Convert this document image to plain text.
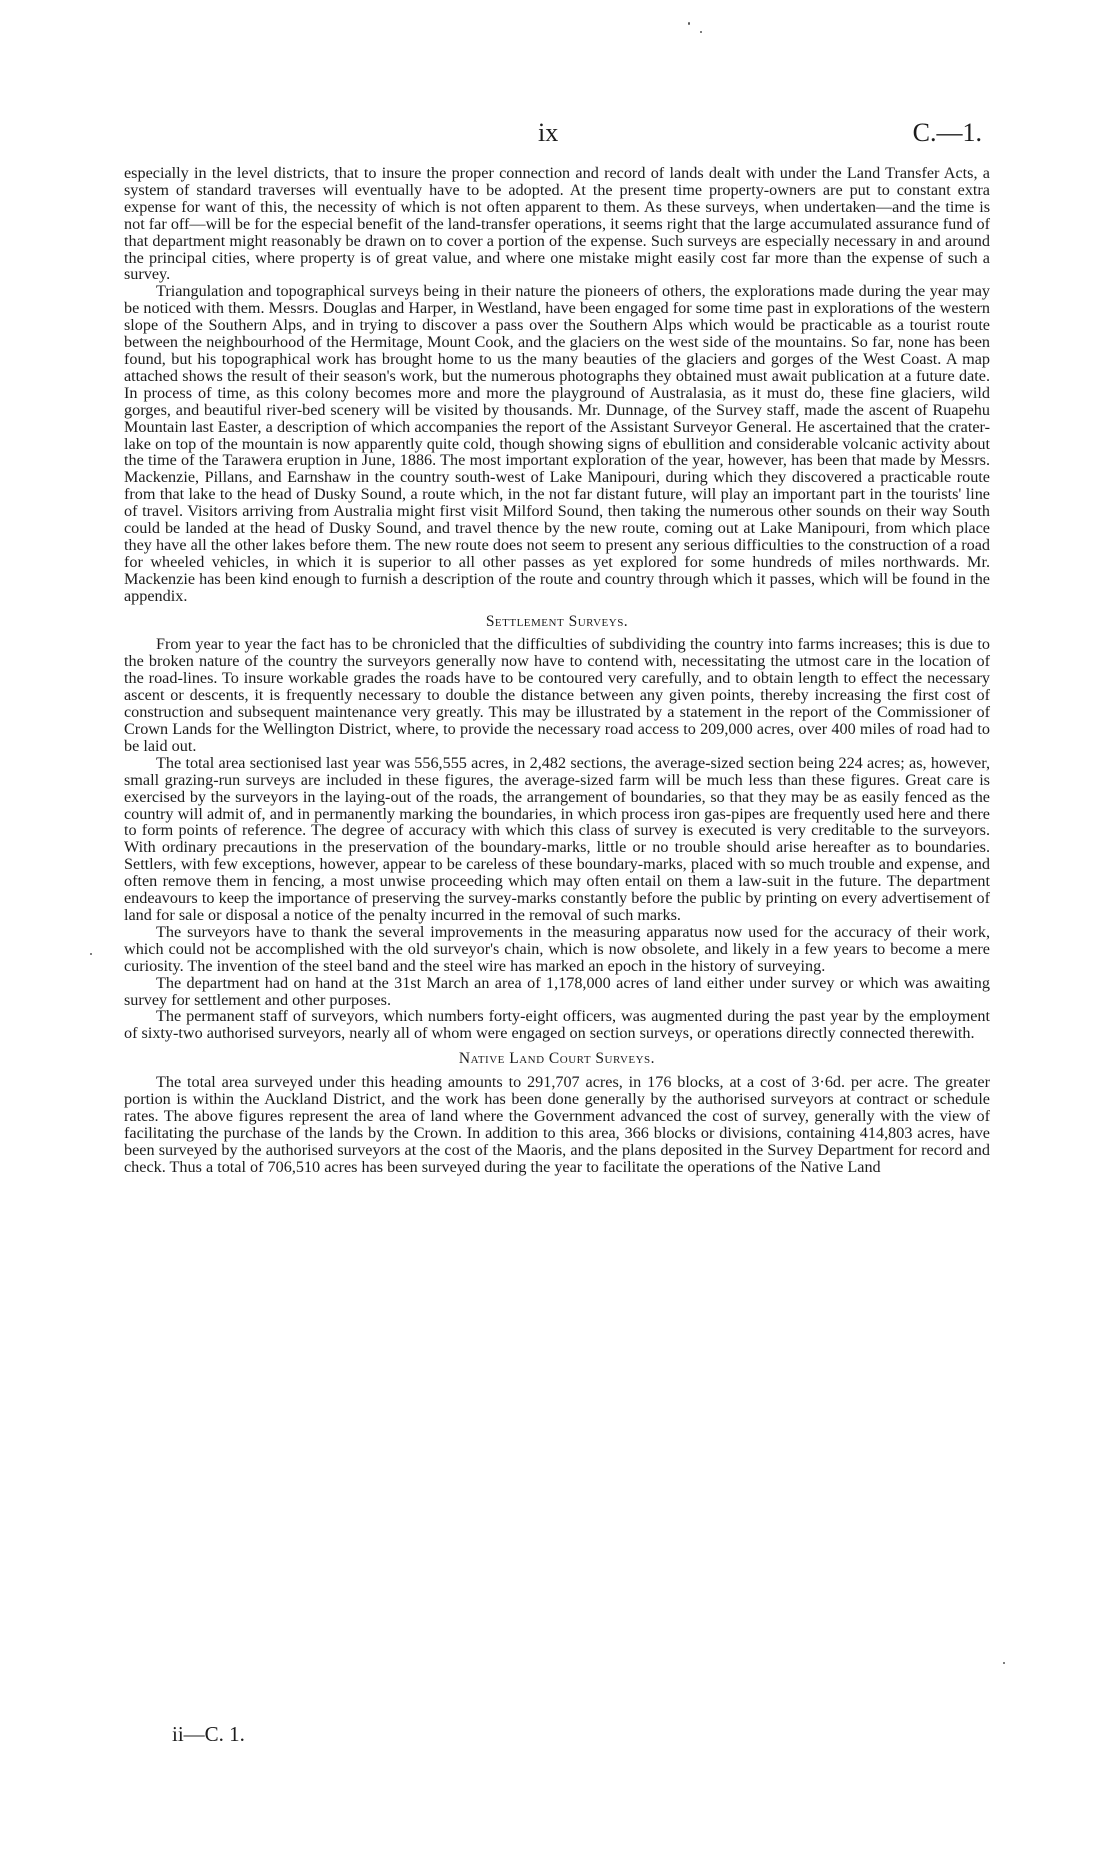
ix	C.—1.

especially in the level districts, that to insure the proper connection and record of lands dealt with under the Land Transfer Acts, a system of standard traverses will eventually have to be adopted. At the present time property-owners are put to constant extra expense for want of this, the necessity of which is not often apparent to them. As these surveys, when undertaken—and the time is not far off—will be for the especial benefit of the land-transfer operations, it seems right that the large accumulated assurance fund of that department might reasonably be drawn on to cover a portion of the expense. Such surveys are especially necessary in and around the principal cities, where property is of great value, and where one mistake might easily cost far more than the expense of such a survey.

Triangulation and topographical surveys being in their nature the pioneers of others, the explorations made during the year may be noticed with them. Messrs. Douglas and Harper, in Westland, have been engaged for some time past in explorations of the western slope of the Southern Alps, and in trying to discover a pass over the Southern Alps which would be practicable as a tourist route between the neighbourhood of the Hermitage, Mount Cook, and the glaciers on the west side of the mountains. So far, none has been found, but his topographical work has brought home to us the many beauties of the glaciers and gorges of the West Coast. A map attached shows the result of their season's work, but the numerous photographs they obtained must await publication at a future date. In process of time, as this colony becomes more and more the playground of Australasia, as it must do, these fine glaciers, wild gorges, and beautiful river-bed scenery will be visited by thousands. Mr. Dunnage, of the Survey staff, made the ascent of Ruapehu Mountain last Easter, a description of which accompanies the report of the Assistant Surveyor General. He ascertained that the crater-lake on top of the mountain is now apparently quite cold, though showing signs of ebullition and considerable volcanic activity about the time of the Tarawera eruption in June, 1886. The most important exploration of the year, however, has been that made by Messrs. Mackenzie, Pillans, and Earnshaw in the country south-west of Lake Manipouri, during which they discovered a practicable route from that lake to the head of Dusky Sound, a route which, in the not far distant future, will play an important part in the tourists' line of travel. Visitors arriving from Australia might first visit Milford Sound, then taking the numerous other sounds on their way South could be landed at the head of Dusky Sound, and travel thence by the new route, coming out at Lake Manipouri, from which place they have all the other lakes before them. The new route does not seem to present any serious difficulties to the construction of a road for wheeled vehicles, in which it is superior to all other passes as yet explored for some hundreds of miles northwards. Mr. Mackenzie has been kind enough to furnish a description of the route and country through which it passes, which will be found in the appendix.

Settlement Surveys.

From year to year the fact has to be chronicled that the difficulties of subdividing the country into farms increases; this is due to the broken nature of the country the surveyors generally now have to contend with, necessitating the utmost care in the location of the road-lines. To insure workable grades the roads have to be contoured very carefully, and to obtain length to effect the necessary ascent or descents, it is frequently necessary to double the distance between any given points, thereby increasing the first cost of construction and subsequent maintenance very greatly. This may be illustrated by a statement in the report of the Commissioner of Crown Lands for the Wellington District, where, to provide the necessary road access to 209,000 acres, over 400 miles of road had to be laid out.

The total area sectionised last year was 556,555 acres, in 2,482 sections, the average-sized section being 224 acres; as, however, small grazing-run surveys are included in these figures, the average-sized farm will be much less than these figures. Great care is exercised by the surveyors in the laying-out of the roads, the arrangement of boundaries, so that they may be as easily fenced as the country will admit of, and in permanently marking the boundaries, in which process iron gas-pipes are frequently used here and there to form points of reference. The degree of accuracy with which this class of survey is executed is very creditable to the surveyors. With ordinary precautions in the preservation of the boundary-marks, little or no trouble should arise hereafter as to boundaries. Settlers, with few exceptions, however, appear to be careless of these boundary-marks, placed with so much trouble and expense, and often remove them in fencing, a most unwise proceeding which may often entail on them a law-suit in the future. The department endeavours to keep the importance of preserving the survey-marks constantly before the public by printing on every advertisement of land for sale or disposal a notice of the penalty incurred in the removal of such marks.

The surveyors have to thank the several improvements in the measuring apparatus now used for the accuracy of their work, which could not be accomplished with the old surveyor's chain, which is now obsolete, and likely in a few years to become a mere curiosity. The invention of the steel band and the steel wire has marked an epoch in the history of surveying.

The department had on hand at the 31st March an area of 1,178,000 acres of land either under survey or which was awaiting survey for settlement and other purposes.

The permanent staff of surveyors, which numbers forty-eight officers, was augmented during the past year by the employment of sixty-two authorised surveyors, nearly all of whom were engaged on section surveys, or operations directly connected therewith.

Native Land Court Surveys.

The total area surveyed under this heading amounts to 291,707 acres, in 176 blocks, at a cost of 3·6d. per acre. The greater portion is within the Auckland District, and the work has been done generally by the authorised surveyors at contract or schedule rates. The above figures represent the area of land where the Government advanced the cost of survey, generally with the view of facilitating the purchase of the lands by the Crown. In addition to this area, 366 blocks or divisions, containing 414,803 acres, have been surveyed by the authorised surveyors at the cost of the Maoris, and the plans deposited in the Survey Department for record and check. Thus a total of 706,510 acres has been surveyed during the year to facilitate the operations of the Native Land

ii—C. 1.
